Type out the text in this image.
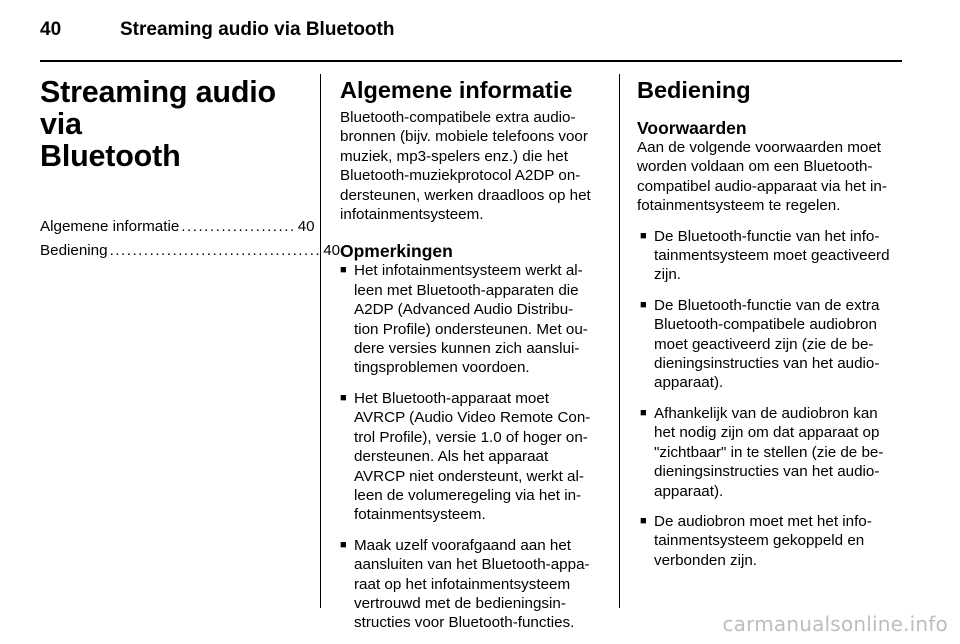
40	Streaming audio via Bluetooth
Streaming audio via
Bluetooth
Algemene informatie .................... 40
Bediening ..................................... 40
Algemene informatie
Bluetooth-compatibele extra audio-
bronnen (bijv. mobiele telefoons voor
muziek, mp3-spelers enz.) die het
Bluetooth-muziekprotocol A2DP on-
dersteunen, werken draadloos op het
infotainmentsysteem.
Opmerkingen
■ Het infotainmentsysteem werkt al-
leen met Bluetooth-apparaten die
A2DP (Advanced Audio Distribu-
tion Profile) ondersteunen. Met ou-
dere versies kunnen zich aanslui-
tingsproblemen voordoen.
■ Het Bluetooth-apparaat moet
AVRCP (Audio Video Remote Con-
trol Profile), versie 1.0 of hoger on-
dersteunen. Als het apparaat
AVRCP niet ondersteunt, werkt al-
leen de volumeregeling via het in-
fotainmentsysteem.
■ Maak uzelf voorafgaand aan het
aansluiten van het Bluetooth-appa-
raat op het infotainmentsysteem
vertrouwd met de bedieningsin-
structies voor Bluetooth-functies.
Bediening
Voorwaarden
Aan de volgende voorwaarden moet
worden voldaan om een Bluetooth-
compatibel audio-apparaat via het in-
fotainmentsysteem te regelen.
■ De Bluetooth-functie van het info-
tainmentsysteem moet geactiveerd
zijn.
■ De Bluetooth-functie van de extra
Bluetooth-compatibele audiobron
moet geactiveerd zijn (zie de be-
dieningsinstructies van het audio-
apparaat).
■ Afhankelijk van de audiobron kan
het nodig zijn om dat apparaat op
"zichtbaar" in te stellen (zie de be-
dieningsinstructies van het audio-
apparaat).
■ De audiobron moet met het info-
tainmentsysteem gekoppeld en
verbonden zijn.
carmanualsonline.info
